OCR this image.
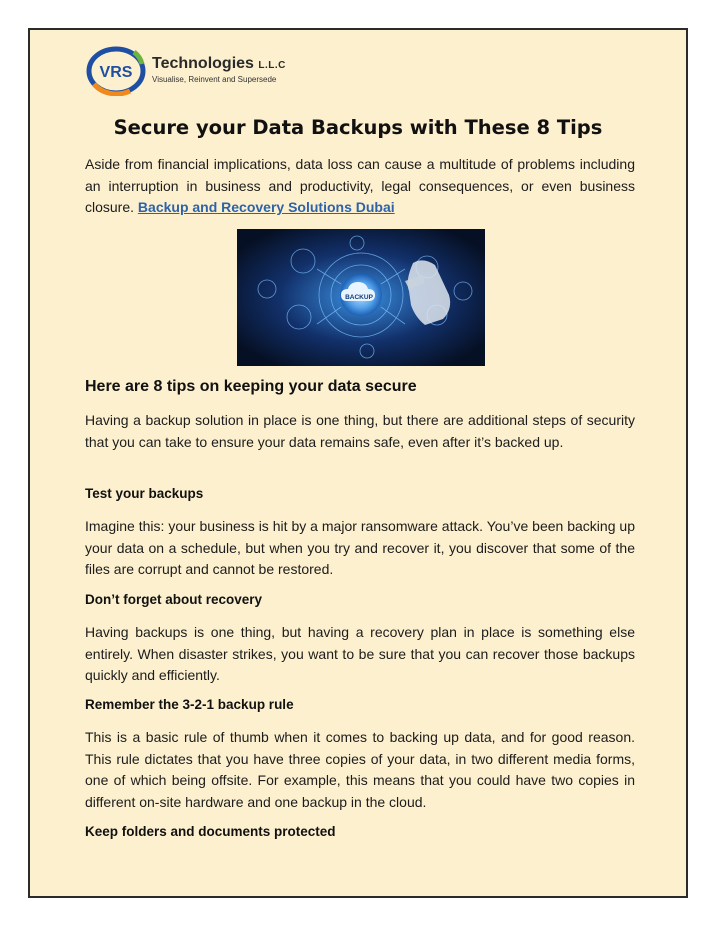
VRS
Technologies L.L.C
Visualise, Reinvent and Supersede
Secure your Data Backups with These 8 Tips
Aside from financial implications, data loss can cause a multitude of problems including an interruption in business and productivity, legal consequences, or even business closure. Backup and Recovery Solutions Dubai
BACKUP
Here are 8 tips on keeping your data secure
Having a backup solution in place is one thing, but there are additional steps of security that you can take to ensure your data remains safe, even after it’s backed up.
Test your backups
Imagine this: your business is hit by a major ransomware attack. You’ve been backing up your data on a schedule, but when you try and recover it, you discover that some of the files are corrupt and cannot be restored.
Don’t forget about recovery
Having backups is one thing, but having a recovery plan in place is something else entirely. When disaster strikes, you want to be sure that you can recover those backups quickly and efficiently.
Remember the 3-2-1 backup rule
This is a basic rule of thumb when it comes to backing up data, and for good reason. This rule dictates that you have three copies of your data, in two different media forms, one of which being offsite. For example, this means that you could have two copies in different on-site hardware and one backup in the cloud.
Keep folders and documents protected
